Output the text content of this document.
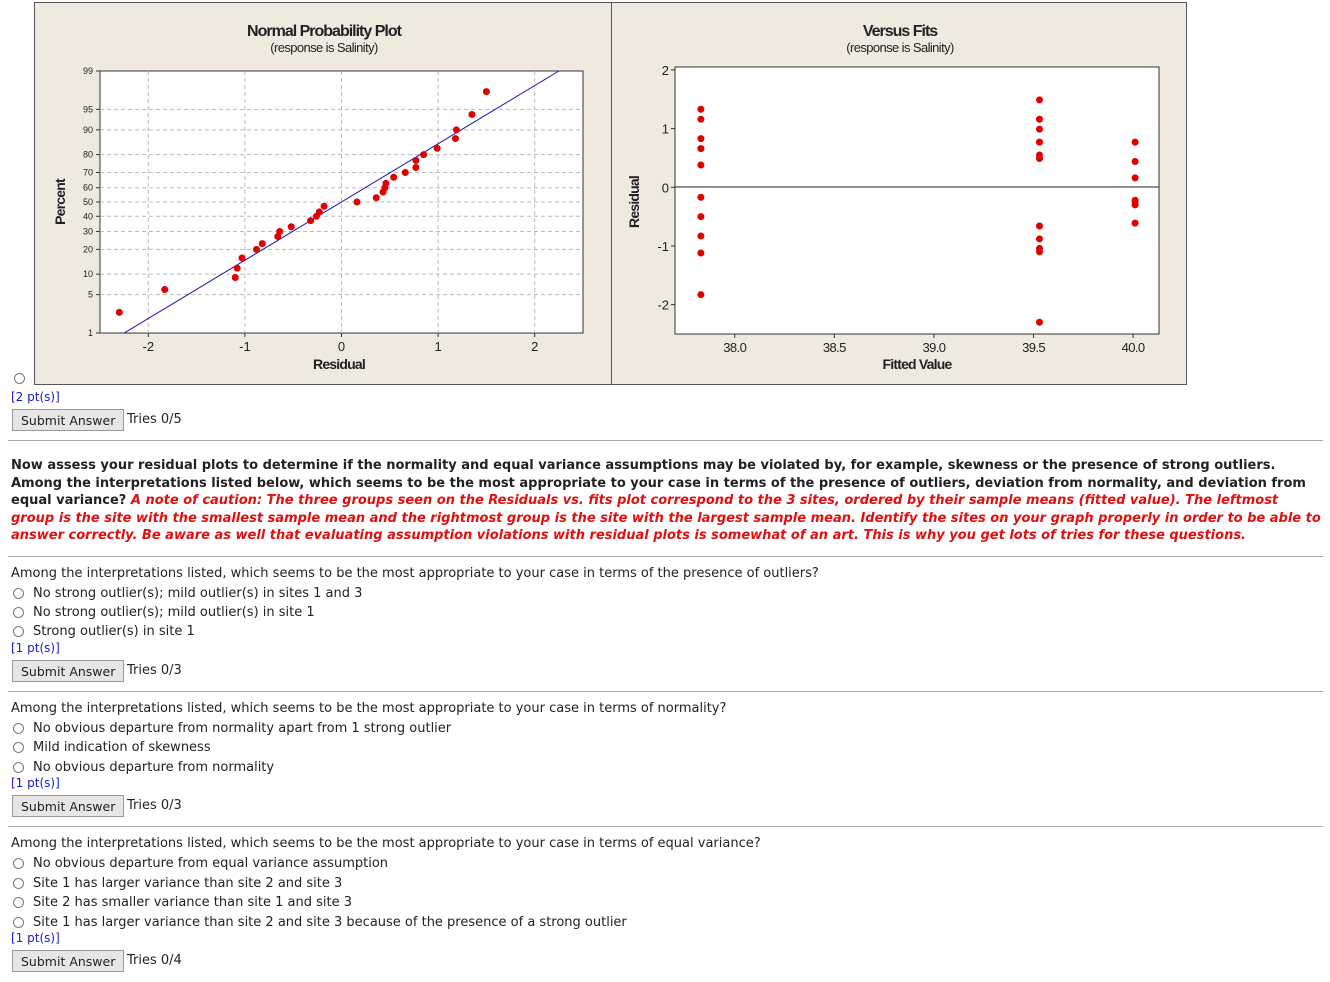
Normal Probability Plot
(response is Salinity)
-2	-1	0	1	2
1
5
10
20
30
40
50
60
70
80
90
95
99
Residual
Percent
Versus Fits
(response is Salinity)
38.0	38.5	39.0	39.5	40.0
2
1
0
-1
-2
Fitted Value
Residual
[2 pt(s)]
Submit Answer Tries 0/5
Now assess your residual plots to determine if the normality and equal variance assumptions may be violated by, for example, skewness or the presence of strong outliers. Among the interpretations listed below, which seems to be the most appropriate to your case in terms of the presence of outliers, deviation from normality, and deviation from equal variance? A note of caution: The three groups seen on the Residuals vs. fits plot correspond to the 3 sites, ordered by their sample means (fitted value). The leftmost group is the site with the smallest sample mean and the rightmost group is the site with the largest sample mean. Identify the sites on your graph properly in order to be able to answer correctly. Be aware as well that evaluating assumption violations with residual plots is somewhat of an art. This is why you get lots of tries for these questions.
Among the interpretations listed, which seems to be the most appropriate to your case in terms of the presence of outliers?
No strong outlier(s); mild outlier(s) in sites 1 and 3
No strong outlier(s); mild outlier(s) in site 1
Strong outlier(s) in site 1
[1 pt(s)]
Submit Answer Tries 0/3
Among the interpretations listed, which seems to be the most appropriate to your case in terms of normality?
No obvious departure from normality apart from 1 strong outlier
Mild indication of skewness
No obvious departure from normality
[1 pt(s)]
Submit Answer Tries 0/3
Among the interpretations listed, which seems to be the most appropriate to your case in terms of equal variance?
No obvious departure from equal variance assumption
Site 1 has larger variance than site 2 and site 3
Site 2 has smaller variance than site 1 and site 3
Site 1 has larger variance than site 2 and site 3 because of the presence of a strong outlier
[1 pt(s)]
Submit Answer Tries 0/4
